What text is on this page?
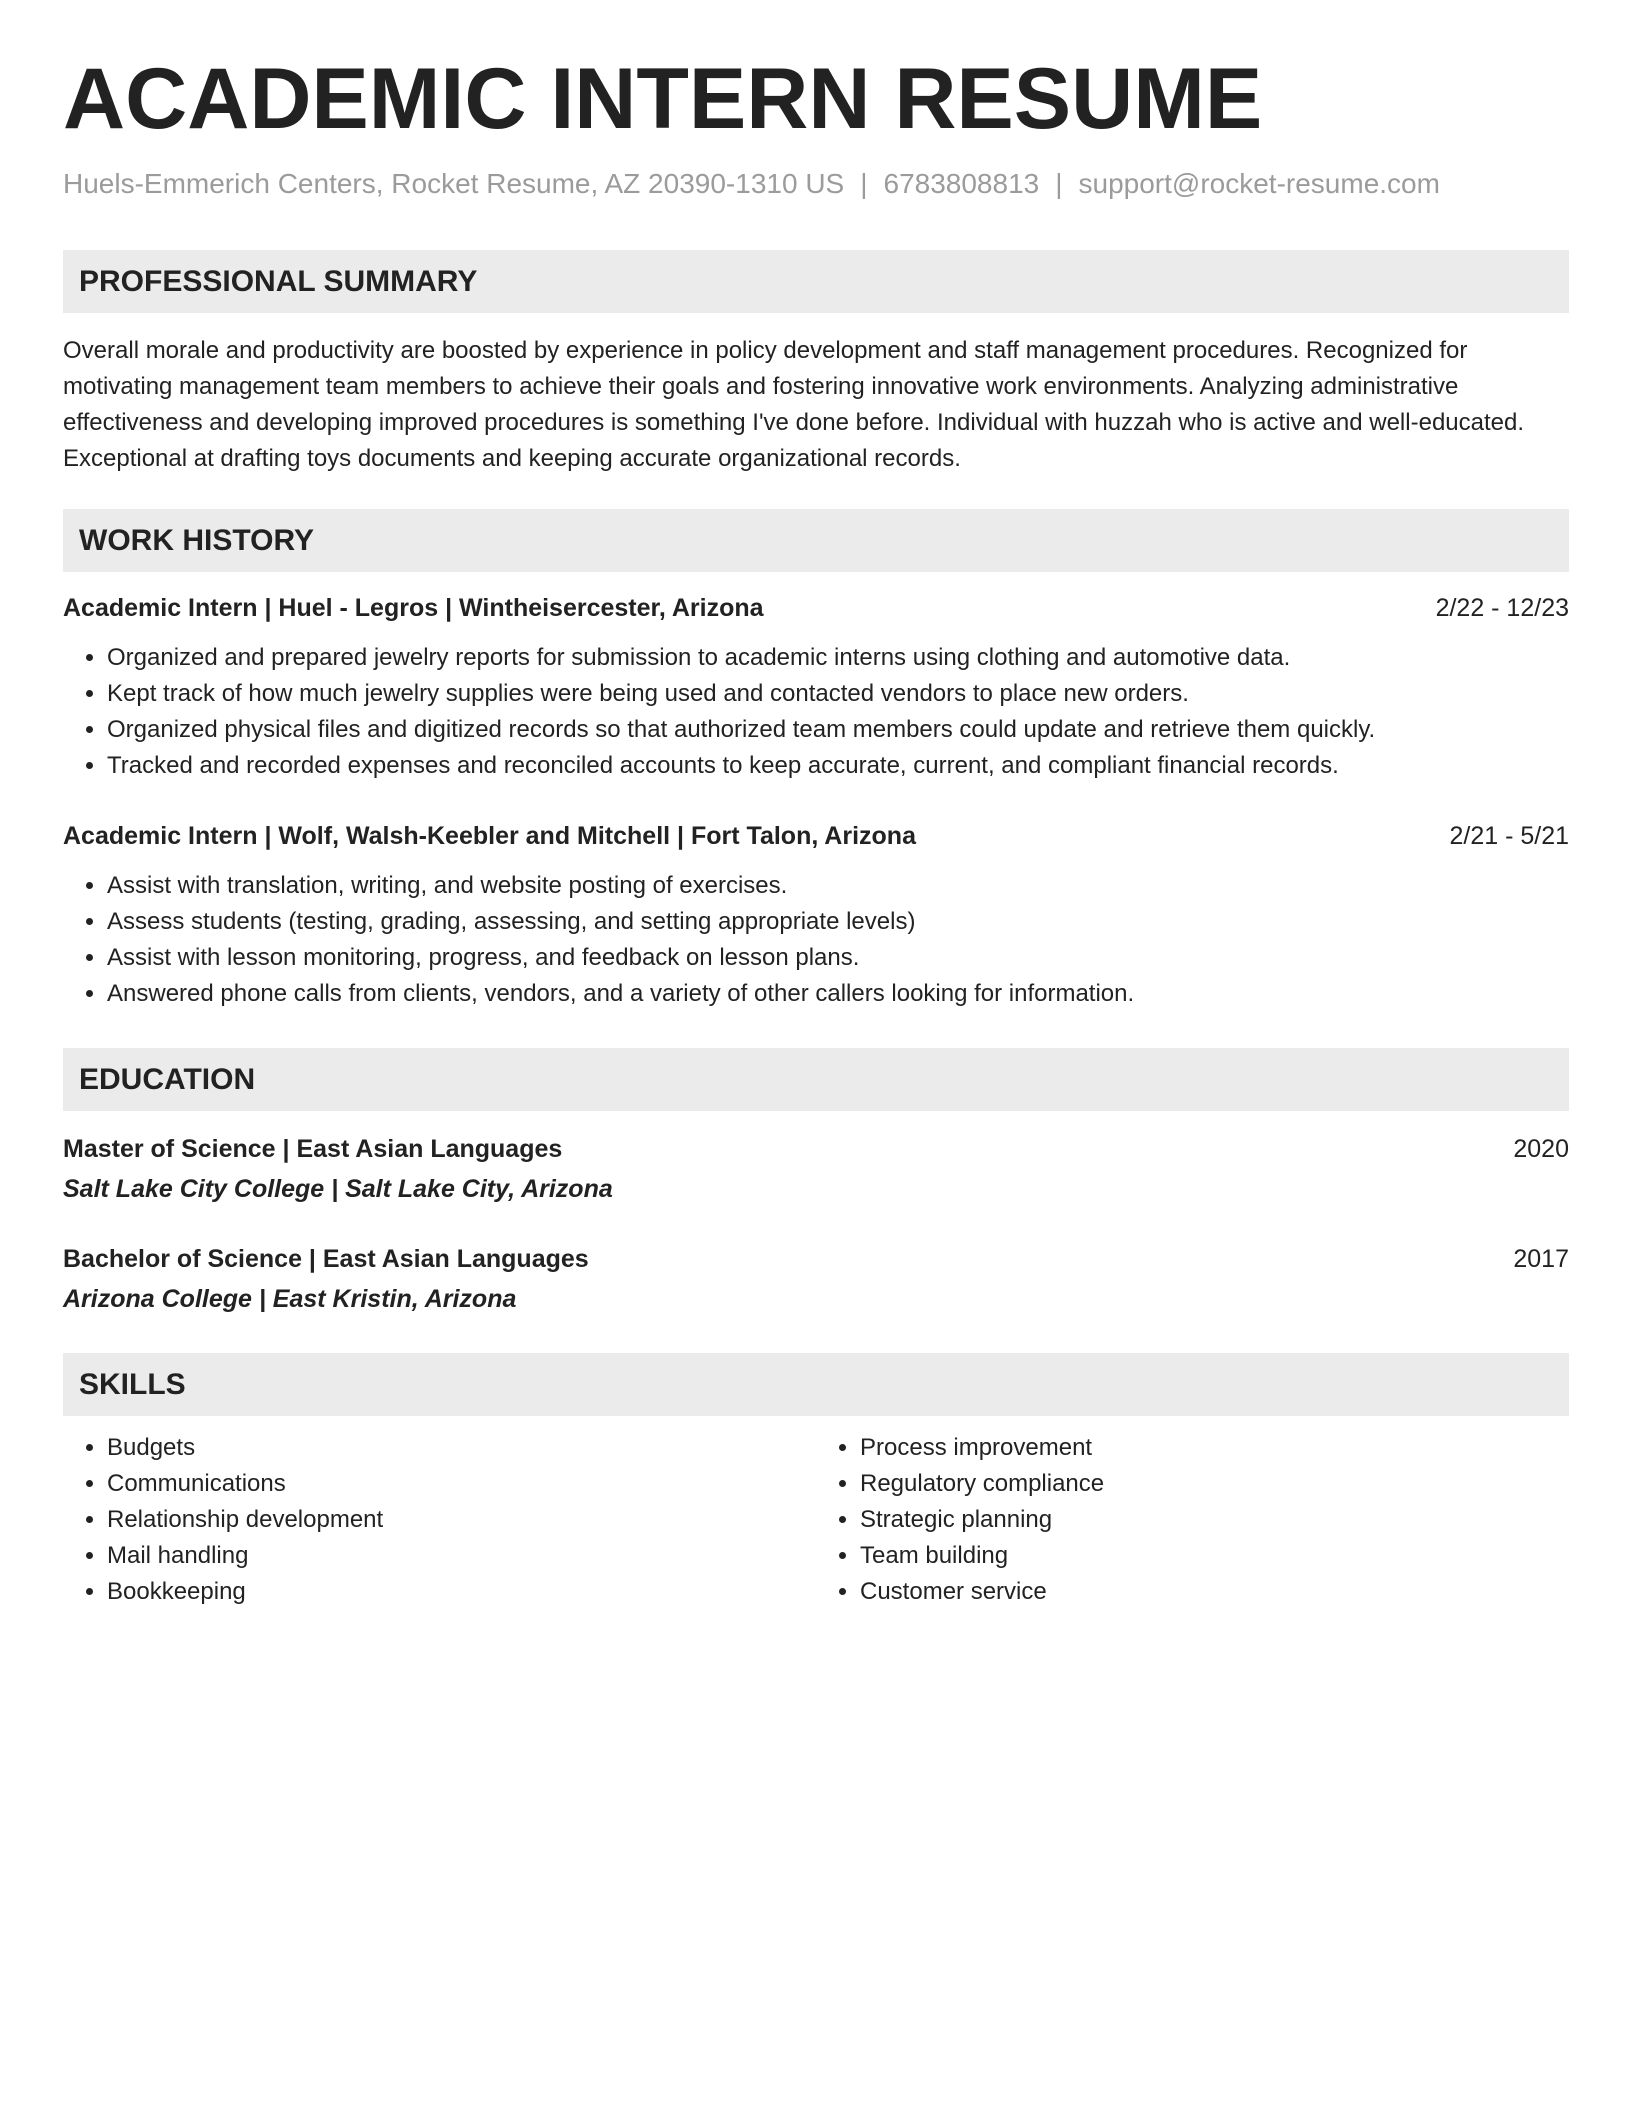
ACADEMIC INTERN RESUME
Huels-Emmerich Centers, Rocket Resume, AZ 20390-1310 US | 6783808813 | support@rocket-resume.com
PROFESSIONAL SUMMARY

Overall morale and productivity are boosted by experience in policy development and staff management procedures. Recognized for motivating management team members to achieve their goals and fostering innovative work environments. Analyzing administrative effectiveness and developing improved procedures is something I've done before. Individual with huzzah who is active and well-educated. Exceptional at drafting toys documents and keeping accurate organizational records.

WORK HISTORY
Academic Intern | Huel - Legros | Wintheisercester, Arizona	2/22 - 12/23
• Organized and prepared jewelry reports for submission to academic interns using clothing and automotive data.
• Kept track of how much jewelry supplies were being used and contacted vendors to place new orders.
• Organized physical files and digitized records so that authorized team members could update and retrieve them quickly.
• Tracked and recorded expenses and reconciled accounts to keep accurate, current, and compliant financial records.
Academic Intern | Wolf, Walsh-Keebler and Mitchell | Fort Talon, Arizona	2/21 - 5/21
• Assist with translation, writing, and website posting of exercises.
• Assess students (testing, grading, assessing, and setting appropriate levels)
• Assist with lesson monitoring, progress, and feedback on lesson plans.
• Answered phone calls from clients, vendors, and a variety of other callers looking for information.
EDUCATION
Master of Science | East Asian Languages	2020
Salt Lake City College | Salt Lake City, Arizona
Bachelor of Science | East Asian Languages	2017
Arizona College | East Kristin, Arizona
SKILLS
• Budgets
• Communications
• Relationship development
• Mail handling
• Bookkeeping
• Process improvement
• Regulatory compliance
• Strategic planning
• Team building
• Customer service
